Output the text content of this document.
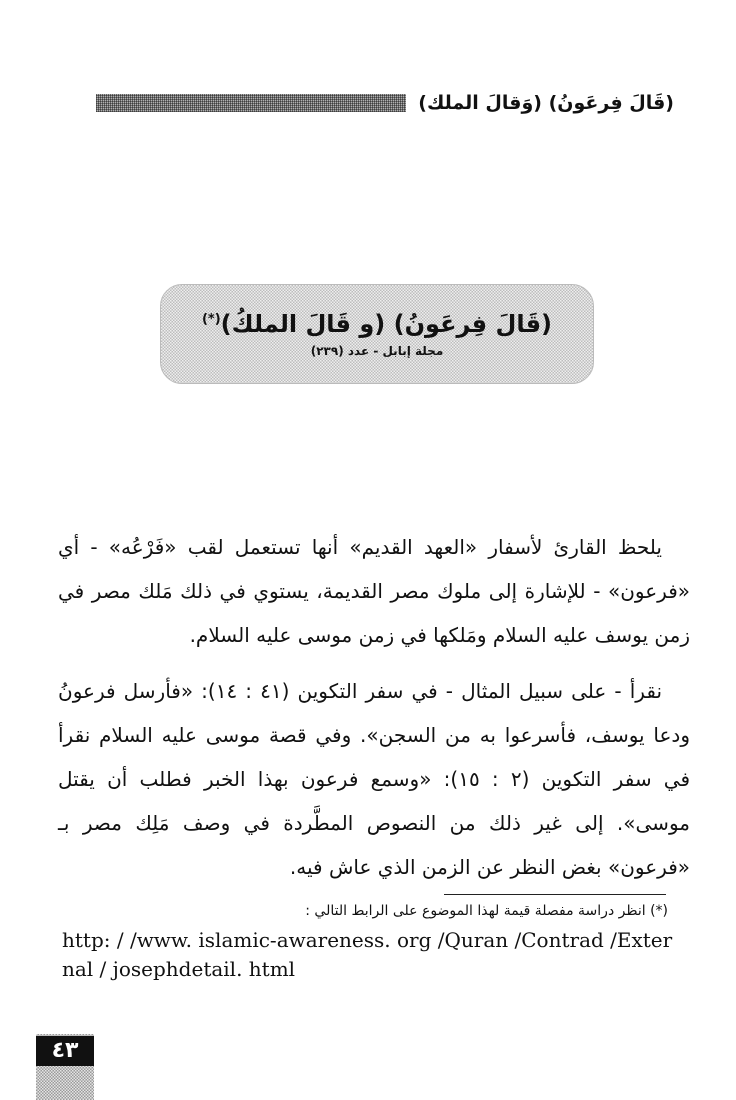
(قَالَ فِرعَونُ) (وَقالَ الملك)
(قَالَ فِرعَونُ) (و قَالَ الملكُ)(*)
مجلة إبابل - عدد (٢٣٩)

يلحظ القارئ لأسفار «العهد القديم» أنها تستعمل لقب «فَرْعُه» - أي «فرعون» - للإشارة إلى ملوك مصر القديمة، يستوي في ذلك مَلك مصر في زمن يوسف عليه السلام ومَلكها في زمن موسى عليه السلام.

نقرأ - على سبيل المثال - في سفر التكوين (٤١ : ١٤): «فأرسل فرعونُ ودعا يوسف، فأسرعوا به من السجن». وفي قصة موسى عليه السلام نقرأ في سفر التكوين (٢ : ١٥): «وسمع فرعون بهذا الخبر فطلب أن يقتل موسى». إلى غير ذلك من النصوص المطَّردة في وصف مَلِك مصر بـ «فرعون» بغض النظر عن الزمن الذي عاش فيه.

(*) انظر دراسة مفصلة قيمة لهذا الموضوع على الرابط التالي :
http: / /www. islamic-awareness. org /Quran /Contrad /External / josephdetail. html
٤٣
